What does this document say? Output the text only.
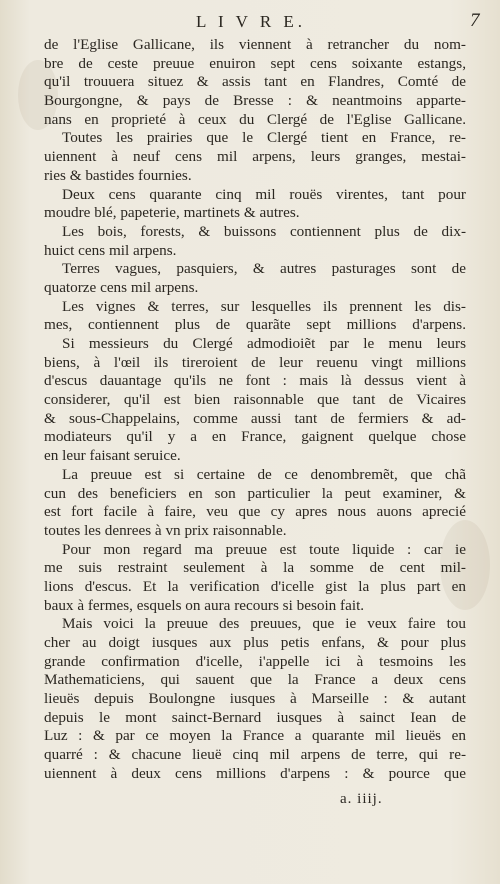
L I V R E.	7
de l'Eglise Gallicane, ils viennent à retrancher du nom-
bre de ceste preuue enuiron sept cens soixante estangs,
qu'il trouuera situez & assis tant en Flandres, Comté de
Bourgongne, & pays de Bresse : & neantmoins apparte-
nans en proprieté à ceux du Clergé de l'Eglise Gallicane.
Toutes les prairies que le Clergé tient en France, re-
uiennent à neuf cens mil arpens, leurs granges, mestai-
ries & bastides fournies.
Deux cens quarante cinq mil rouës virentes, tant pour
moudre blé, papeterie, martinets & autres.
Les bois, forests, & buissons contiennent plus de dix-
huict cens mil arpens.
Terres vagues, pasquiers, & autres pasturages sont de
quatorze cens mil arpens.
Les vignes & terres, sur lesquelles ils prennent les dis-
mes, contiennent plus de quarãte sept millions d'arpens.
Si messieurs du Clergé admodioiẽt par le menu leurs
biens, à l'œil ils tireroient de leur reuenu vingt millions
d'escus dauantage qu'ils ne font : mais là dessus vient à
considerer, qu'il est bien raisonnable que tant de Vicaires
& sous-Chappelains, comme aussi tant de fermiers & ad-
modiateurs qu'il y a en France, gaignent quelque chose
en leur faisant seruice.
La preuue est si certaine de ce denombremẽt, que chã
cun des beneficiers en son particulier la peut examiner, &
est fort facile à faire, veu que cy apres nous auons aprecié
toutes les denrees à vn prix raisonnable.
Pour mon regard ma preuue est toute liquide : car ie
me suis restraint seulement à la somme de cent mil-
lions d'escus. Et la verification d'icelle gist la plus part en
baux à fermes, esquels on aura recours si besoin fait.
Mais voici la preuue des preuues, que ie veux faire tou
cher au doigt iusques aux plus petis enfans, & pour plus
grande confirmation d'icelle, i'appelle ici à tesmoins les
Mathematiciens, qui sauent que la France a deux cens
lieuës depuis Boulongne iusques à Marseille : & autant
depuis le mont sainct-Bernard iusques à sainct Iean de
Luz : & par ce moyen la France a quarante mil lieuës en
quarré : & chacune lieuë cinq mil arpens de terre, qui re-
uiennent à deux cens millions d'arpens : & pource que
a. iiij.
